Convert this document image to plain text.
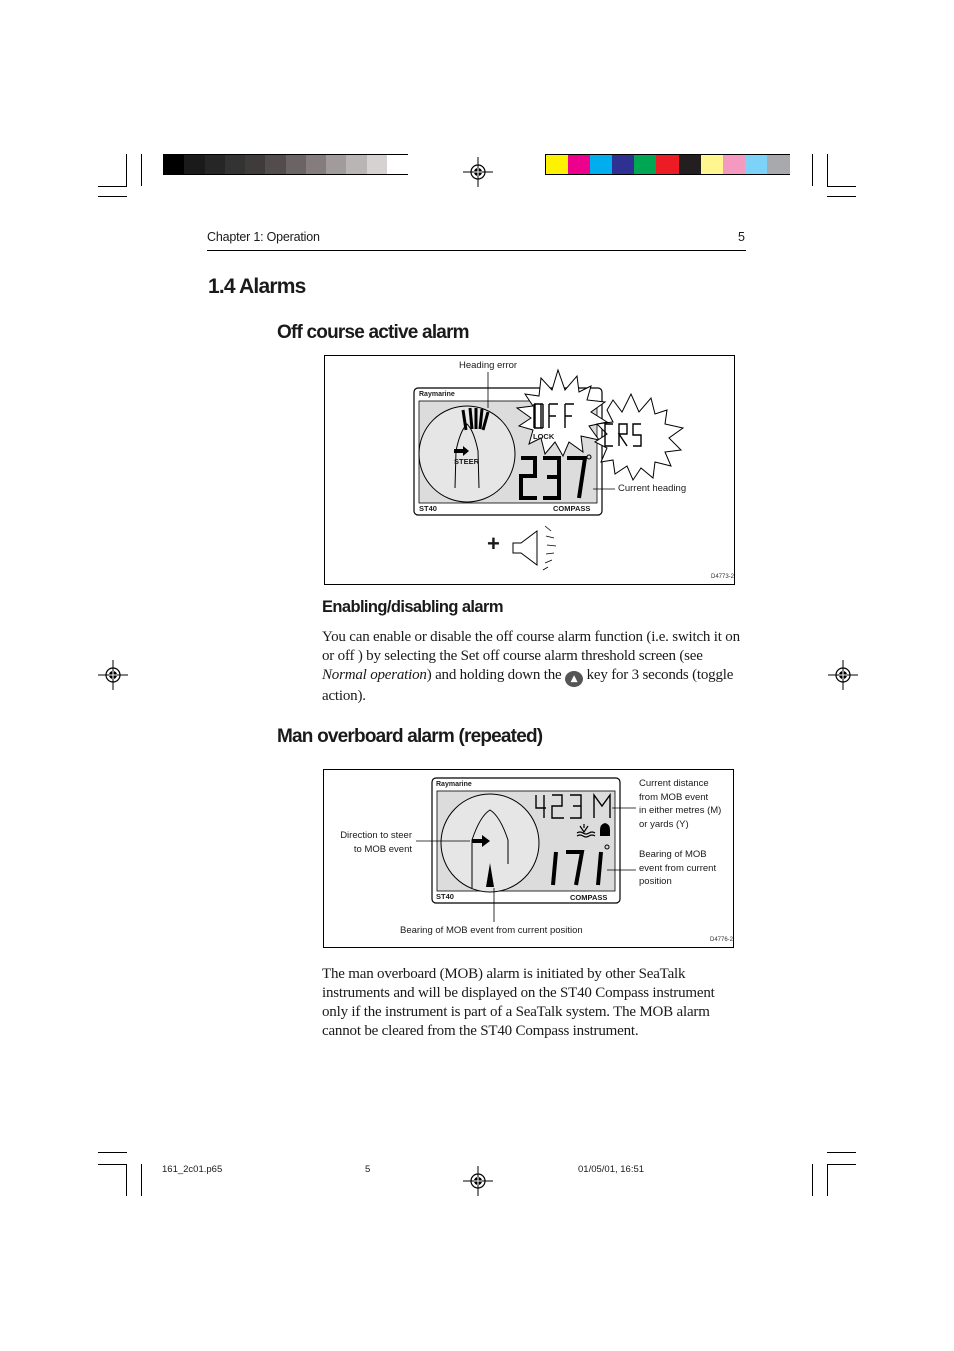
Chapter 1: Operation	5
1.4 Alarms
Off course active alarm
Raymarine
LOCK
STEER
ST40	COMPASS
Heading error
Current heading
+
D4773-2
Enabling/disabling alarm
You can enable or disable the off course alarm function (i.e. switch it on or off ) by selecting the Set off course alarm threshold screen (see Normal operation) and holding down the ▲ key for 3 seconds (toggle action).
Man overboard alarm (repeated)
Raymarine
ST40	COMPASS
Direction to steer
to MOB event
Current distance
from MOB event
in either metres (M)
or yards (Y)
Bearing of MOB
event from current
position
Bearing of MOB event from current position
D4776-2
The man overboard (MOB) alarm is initiated by other SeaTalk instruments and will be displayed on the ST40 Compass instrument only if the instrument is part of a SeaTalk system. The MOB alarm cannot be cleared from the ST40 Compass instrument.
161_2c01.p65	5	01/05/01, 16:51
